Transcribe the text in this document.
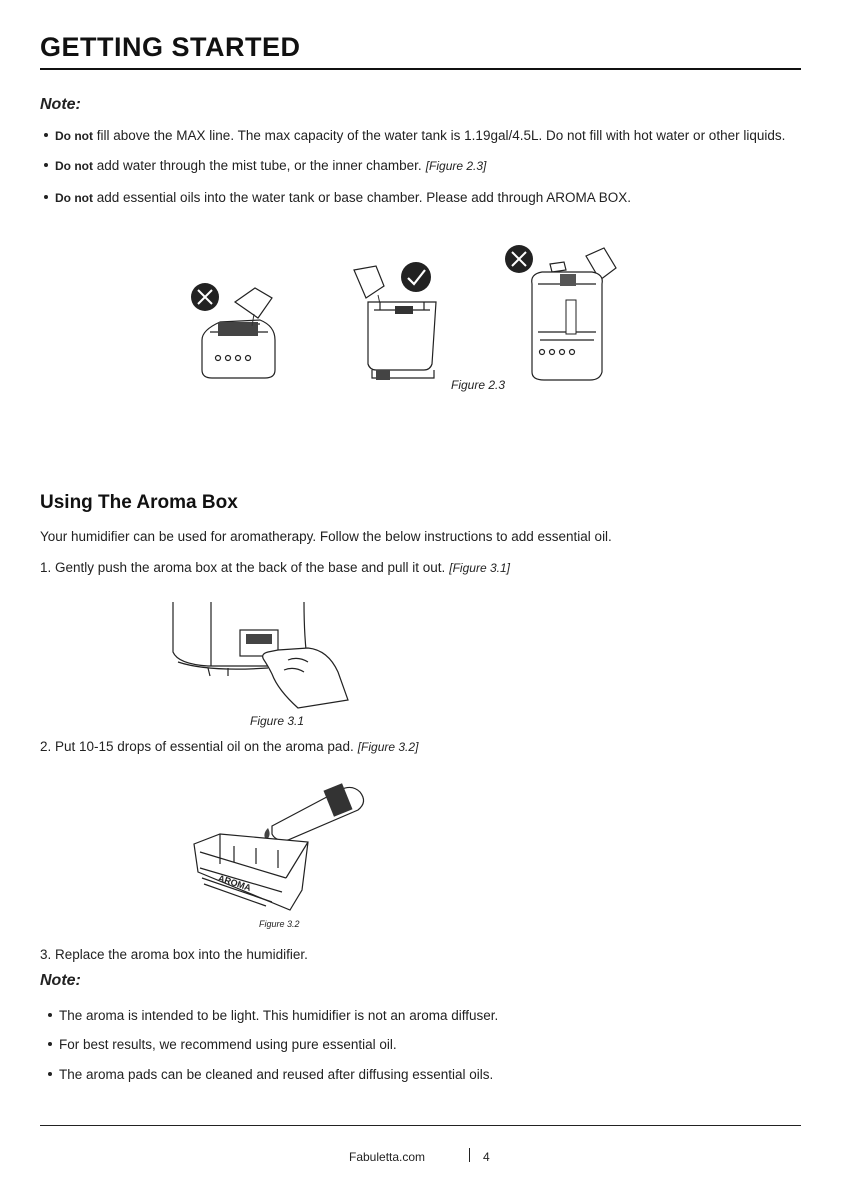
GETTING STARTED
Note:
Do not fill above the MAX line. The max capacity of the water tank is 1.19gal/4.5L. Do not fill with hot water or other liquids.
Do not add water through the mist tube, or the inner chamber. [Figure 2.3]
Do not add essential oils into the water tank or base chamber. Please add through AROMA BOX.
Figure 2.3
Using The Aroma Box
Your humidifier can be used for aromatherapy. Follow the below instructions to add essential oil.
1. Gently push the aroma box at the back of the base and pull it out. [Figure 3.1]
Figure 3.1
2. Put 10-15 drops of essential oil on the aroma pad. [Figure 3.2]
AROMA
Figure 3.2
3. Replace the aroma box into the humidifier.
Note:
The aroma is intended to be light. This humidifier is not an aroma diffuser.
For best results, we recommend using pure essential oil.
The aroma pads can be cleaned and reused after diffusing essential oils.
Fabuletta.com	4
